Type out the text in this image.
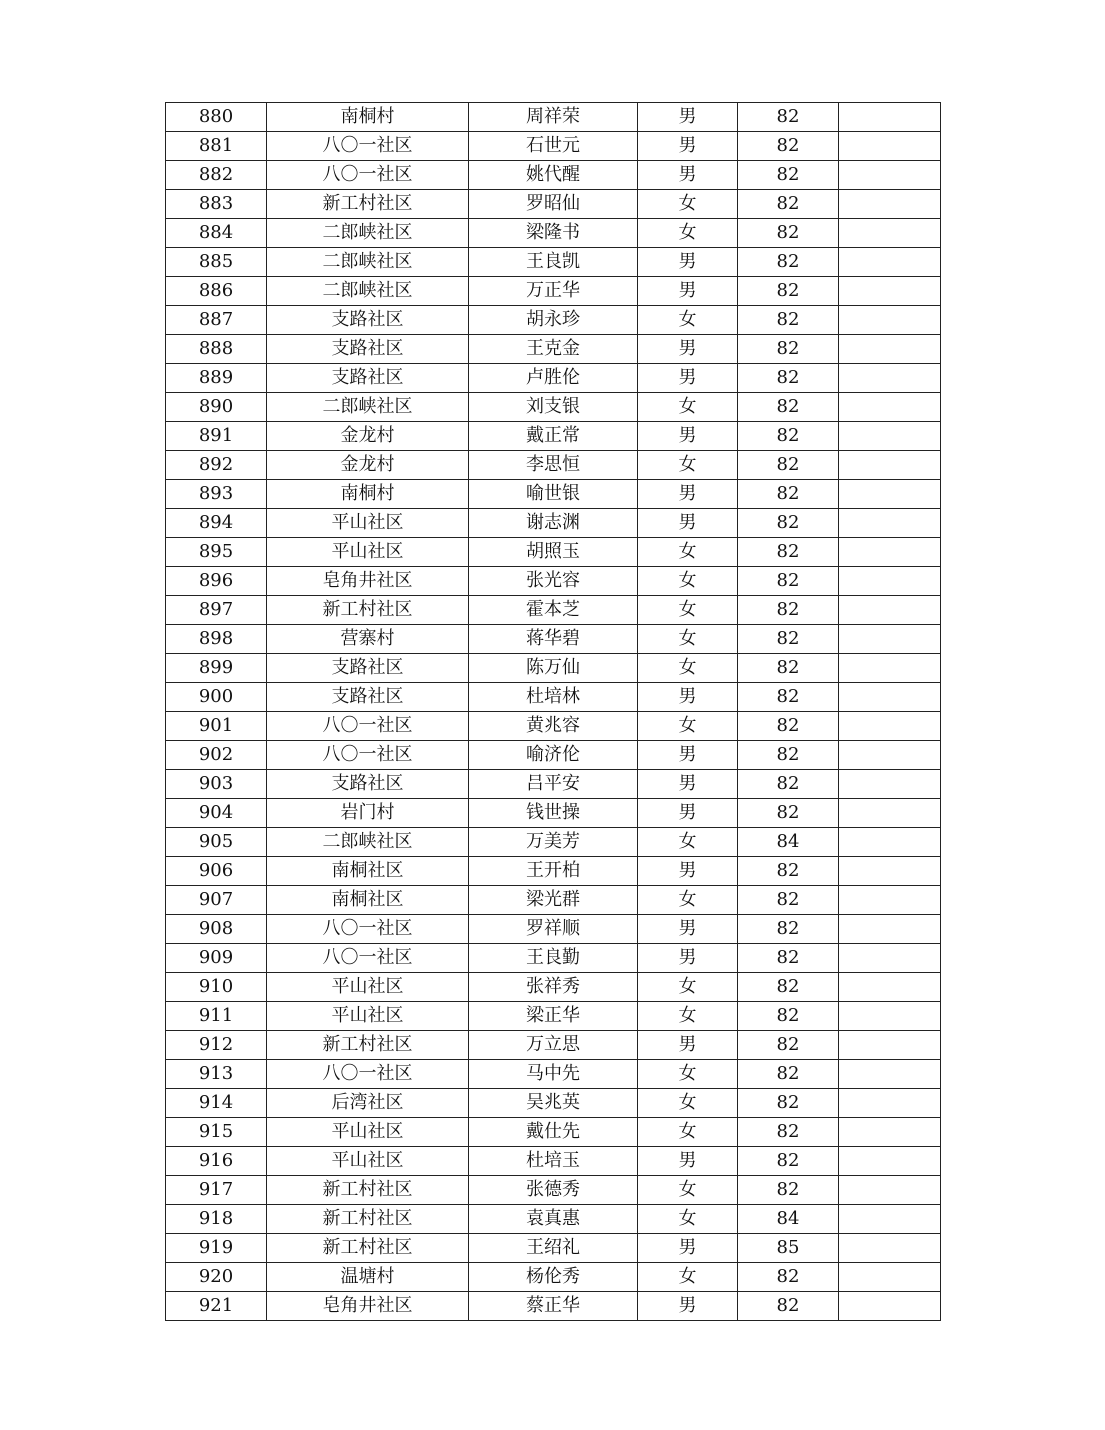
880	南桐村	周祥荣	男	82	
881	八〇一社区	石世元	男	82	
882	八〇一社区	姚代醒	男	82	
883	新工村社区	罗昭仙	女	82	
884	二郎峡社区	梁隆书	女	82	
885	二郎峡社区	王良凯	男	82	
886	二郎峡社区	万正华	男	82	
887	支路社区	胡永珍	女	82	
888	支路社区	王克金	男	82	
889	支路社区	卢胜伦	男	82	
890	二郎峡社区	刘支银	女	82	
891	金龙村	戴正常	男	82	
892	金龙村	李思恒	女	82	
893	南桐村	喻世银	男	82	
894	平山社区	谢志渊	男	82	
895	平山社区	胡照玉	女	82	
896	皂角井社区	张光容	女	82	
897	新工村社区	霍本芝	女	82	
898	营寨村	蒋华碧	女	82	
899	支路社区	陈万仙	女	82	
900	支路社区	杜培林	男	82	
901	八〇一社区	黄兆容	女	82	
902	八〇一社区	喻济伦	男	82	
903	支路社区	吕平安	男	82	
904	岩门村	钱世操	男	82	
905	二郎峡社区	万美芳	女	84	
906	南桐社区	王开柏	男	82	
907	南桐社区	梁光群	女	82	
908	八〇一社区	罗祥顺	男	82	
909	八〇一社区	王良勤	男	82	
910	平山社区	张祥秀	女	82	
911	平山社区	梁正华	女	82	
912	新工村社区	万立思	男	82	
913	八〇一社区	马中先	女	82	
914	后湾社区	吴兆英	女	82	
915	平山社区	戴仕先	女	82	
916	平山社区	杜培玉	男	82	
917	新工村社区	张德秀	女	82	
918	新工村社区	袁真惠	女	84	
919	新工村社区	王绍礼	男	85	
920	温塘村	杨伦秀	女	82	
921	皂角井社区	蔡正华	男	82	
